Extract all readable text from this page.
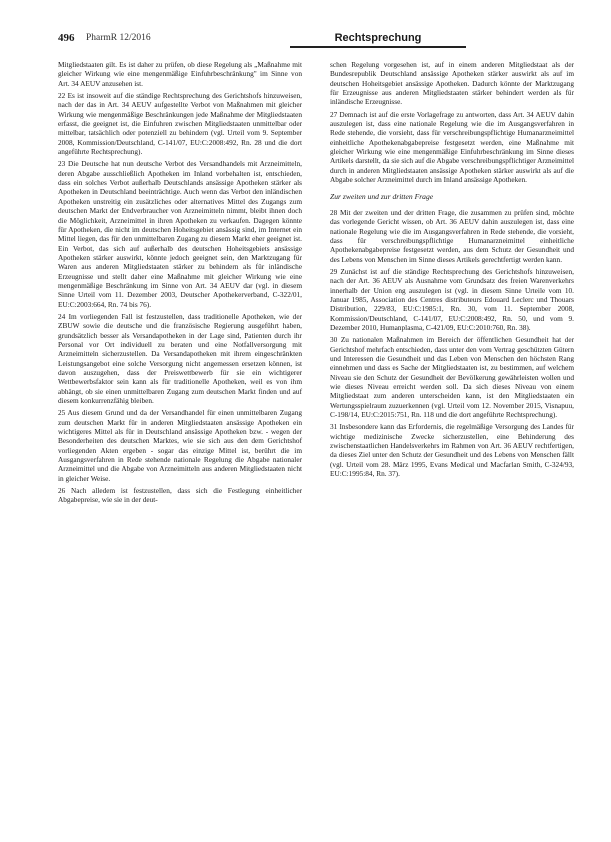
496 PharmR 12/2016	Rechtsprechung

Mitgliedstaaten gilt. Es ist daher zu prüfen, ob diese Regelung als „Maßnahme mit gleicher Wirkung wie eine mengenmäßige Einfuhrbeschränkung" im Sinne von Art. 34 AEUV anzusehen ist.

22 Es ist insoweit auf die ständige Rechtsprechung des Gerichtshofs hinzuweisen, nach der das in Art. 34 AEUV aufgestellte Verbot von Maßnahmen mit gleicher Wirkung wie mengenmäßige Beschränkungen jede Maßnahme der Mitgliedstaaten erfasst, die geeignet ist, die Einfuhren zwischen Mitgliedstaaten unmittelbar oder mittelbar, tatsächlich oder potenziell zu behindern (vgl. Urteil vom 9. September 2008, Kommission/Deutschland, C-141/07, EU:C:2008:492, Rn. 28 und die dort angeführte Rechtsprechung).

23 Die Deutsche hat nun deutsche Verbot des Versandhandels mit Arzneimitteln, deren Abgabe ausschließlich Apotheken im Inland vorbehalten ist, entschieden, dass ein solches Verbot außerhalb Deutschlands ansässige Apotheken stärker als Apotheken in Deutschland beeinträchtige. Auch wenn das Verbot den inländischen Apotheken unstreitig ein zusätzliches oder alternatives Mittel des Zugangs zum deutschen Markt der Endverbraucher von Arzneimitteln nimmt, bleibt ihnen doch die Möglichkeit, Arzneimittel in ihren Apotheken zu verkaufen. Dagegen könnte für Apotheken, die nicht im deutschen Hoheitsgebiet ansässig sind, im Internet ein Mittel liegen, das für den unmittelbaren Zugang zu diesem Markt eher geeignet ist. Ein Verbot, das sich auf außerhalb des deutschen Hoheitsgebiets ansässige Apotheken stärker auswirkt, könnte jedoch geeignet sein, den Marktzugang für Waren aus anderen Mitgliedstaaten stärker zu behindern als für inländische Erzeugnisse und stellt daher eine Maßnahme mit gleicher Wirkung wie eine mengenmäßige Beschränkung im Sinne von Art. 34 AEUV dar (vgl. in diesem Sinne Urteil vom 11. Dezember 2003, Deutscher Apothekerverband, C-322/01, EU:C:2003:664, Rn. 74 bis 76).

24 Im vorliegenden Fall ist festzustellen, dass traditionelle Apotheken, wie der ZBUW sowie die deutsche und die französische Regierung ausgeführt haben, grundsätzlich besser als Versandapotheken in der Lage sind, Patienten durch ihr Personal vor Ort individuell zu beraten und eine Notfallversorgung mit Arzneimitteln sicherzustellen. Da Versandapotheken mit ihrem eingeschränkten Leistungsangebot eine solche Versorgung nicht angemessen ersetzen können, ist davon auszugehen, dass der Preiswettbewerb für sie ein wichtigerer Wettbewerbsfaktor sein kann als für traditionelle Apotheken, weil es von ihm abhängt, ob sie einen unmittelbaren Zugang zum deutschen Markt finden und auf diesem konkurrenzfähig bleiben.

25 Aus diesem Grund und da der Versandhandel für einen unmittelbaren Zugang zum deutschen Markt für in anderen Mitgliedstaaten ansässige Apotheken ein wichtigeres Mittel als für in Deutschland ansässige Apotheken bzw. - wegen der Besonderheiten des deutschen Marktes, wie sie sich aus den dem Gerichtshof vorliegenden Akten ergeben - sogar das einzige Mittel ist, berührt die im Ausgangsverfahren in Rede stehende nationale Regelung die Abgabe nationaler Arzneimittel und die Abgabe von Arzneimitteln aus anderen Mitgliedstaaten nicht in gleicher Weise.

26 Nach alledem ist festzustellen, dass sich die Festlegung einheitlicher Abgabepreise, wie sie in der deut-

schen Regelung vorgesehen ist, auf in einem anderen Mitgliedstaat als der Bundesrepublik Deutschland ansässige Apotheken stärker auswirkt als auf im deutschen Hoheitsgebiet ansässige Apotheken. Dadurch könnte der Marktzugang für Erzeugnisse aus anderen Mitgliedstaaten stärker behindert werden als für inländische Erzeugnisse.

27 Demnach ist auf die erste Vorlagefrage zu antworten, dass Art. 34 AEUV dahin auszulegen ist, dass eine nationale Regelung wie die im Ausgangsverfahren in Rede stehende, die vorsieht, dass für verschreibungspflichtige Humanarzneimittel einheitliche Apothekenabgabepreise festgesetzt werden, eine Maßnahme mit gleicher Wirkung wie eine mengenmäßige Einfuhrbeschränkung im Sinne dieses Artikels darstellt, da sie sich auf die Abgabe verschreibungspflichtiger Arzneimittel durch in anderen Mitgliedstaaten ansässige Apotheken stärker auswirkt als auf die Abgabe solcher Arzneimittel durch im Inland ansässige Apotheken.

Zur zweiten und zur dritten Frage

28 Mit der zweiten und der dritten Frage, die zusammen zu prüfen sind, möchte das vorlegende Gericht wissen, ob Art. 36 AEUV dahin auszulegen ist, dass eine nationale Regelung wie die im Ausgangsverfahren in Rede stehende, die vorsieht, dass für verschreibungspflichtige Humanarzneimittel einheitliche Apothekenabgabepreise festgesetzt werden, aus dem Schutz der Gesundheit und des Lebens von Menschen im Sinne dieses Artikels gerechtfertigt werden kann.

29 Zunächst ist auf die ständige Rechtsprechung des Gerichtshofs hinzuweisen, nach der Art. 36 AEUV als Ausnahme vom Grundsatz des freien Warenverkehrs innerhalb der Union eng auszulegen ist (vgl. in diesem Sinne Urteile vom 10. Januar 1985, Association des Centres distributeurs Edouard Leclerc und Thouars Distribution, 229/83, EU:C:1985:1, Rn. 30, vom 11. September 2008, Kommission/Deutschland, C-141/07, EU:C:2008:492, Rn. 50, und vom 9. Dezember 2010, Humanplasma, C-421/09, EU:C:2010:760, Rn. 38).

30 Zu nationalen Maßnahmen im Bereich der öffentlichen Gesundheit hat der Gerichtshof mehrfach entschieden, dass unter den vom Vertrag geschützten Gütern und Interessen die Gesundheit und das Leben von Menschen den höchsten Rang einnehmen und dass es Sache der Mitgliedstaaten ist, zu bestimmen, auf welchem Niveau sie den Schutz der Gesundheit der Bevölkerung gewährleisten wollen und wie dieses Niveau erreicht werden soll. Da sich dieses Niveau von einem Mitgliedstaat zum anderen unterscheiden kann, ist den Mitgliedstaaten ein Wertungsspielraum zuzuerkennen (vgl. Urteil vom 12. November 2015, Visnapuu, C-198/14, EU:C:2015:751, Rn. 118 und die dort angeführte Rechtsprechung).

31 Insbesondere kann das Erfordernis, die regelmäßige Versorgung des Landes für wichtige medizinische Zwecke sicherzustellen, eine Behinderung des zwischenstaatlichen Handelsverkehrs im Rahmen von Art. 36 AEUV rechtfertigen, da dieses Ziel unter den Schutz der Gesundheit und des Lebens von Menschen fällt (vgl. Urteil vom 28. März 1995, Evans Medical und Macfarlan Smith, C-324/93, EU:C:1995:84, Rn. 37).
